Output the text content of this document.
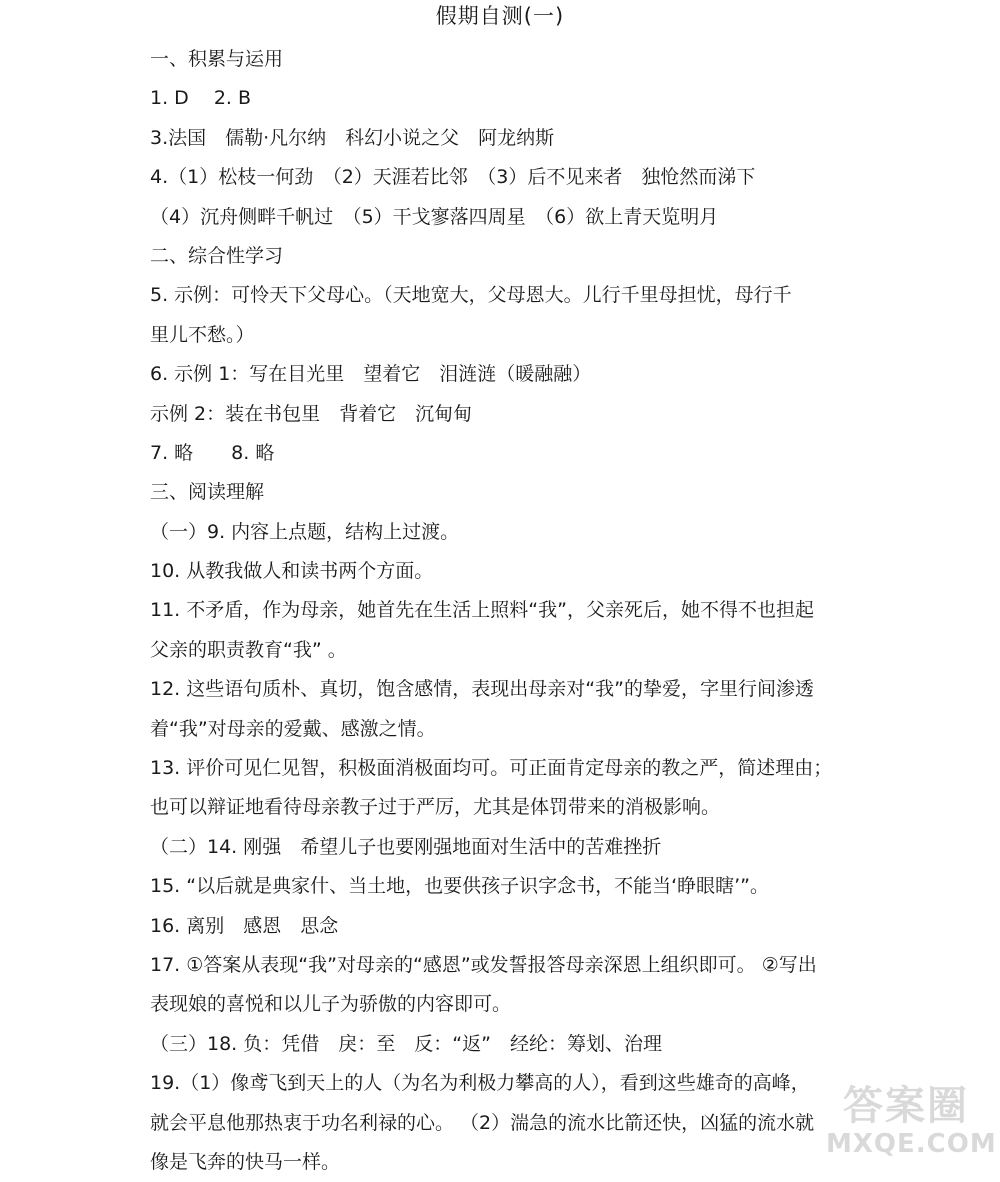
假期自测(一)
一、积累与运用
1. D　 2. B
3.法国　儒勒·凡尔纳　科幻小说之父　阿龙纳斯
4.（1）松枝一何劲　（2）天涯若比邻　（3）后不见来者　独怆然而涕下
（4）沉舟侧畔千帆过　（5）干戈寥落四周星　（6）欲上青天览明月
二、综合性学习
5. 示例：可怜天下父母心。（天地宽大，父母恩大。儿行千里母担忧，母行千
里儿不愁。）
6. 示例 1：写在目光里　望着它　泪涟涟（暖融融）
示例 2：装在书包里　背着它　沉甸甸
7. 略　　8. 略
三、阅读理解
（一）9. 内容上点题，结构上过渡。
10. 从教我做人和读书两个方面。
11. 不矛盾，作为母亲，她首先在生活上照料“我”，父亲死后，她不得不也担起
父亲的职责教育“我” 。
12. 这些语句质朴、真切，饱含感情，表现出母亲对“我”的挚爱，字里行间渗透
着“我”对母亲的爱戴、感激之情。
13. 评价可见仁见智，积极面消极面均可。可正面肯定母亲的教之严，简述理由；
也可以辩证地看待母亲教子过于严厉，尤其是体罚带来的消极影响。
（二）14. 刚强　希望儿子也要刚强地面对生活中的苦难挫折
15. “以后就是典家什、当土地，也要供孩子识字念书，不能当‘睁眼瞎’”。
16. 离别　感恩　思念
17. ①答案从表现“我”对母亲的“感恩”或发誓报答母亲深恩上组织即可。 ②写出
表现娘的喜悦和以儿子为骄傲的内容即可。
（三）18. 负：凭借　戾：至　反：“返”　经纶：筹划、治理
19.（1）像鸢飞到天上的人（为名为利极力攀高的人），看到这些雄奇的高峰，
就会平息他那热衷于功名利禄的心。 （2）湍急的流水比箭还快，凶猛的流水就
像是飞奔的快马一样。
答案圈
MXQE.COM
